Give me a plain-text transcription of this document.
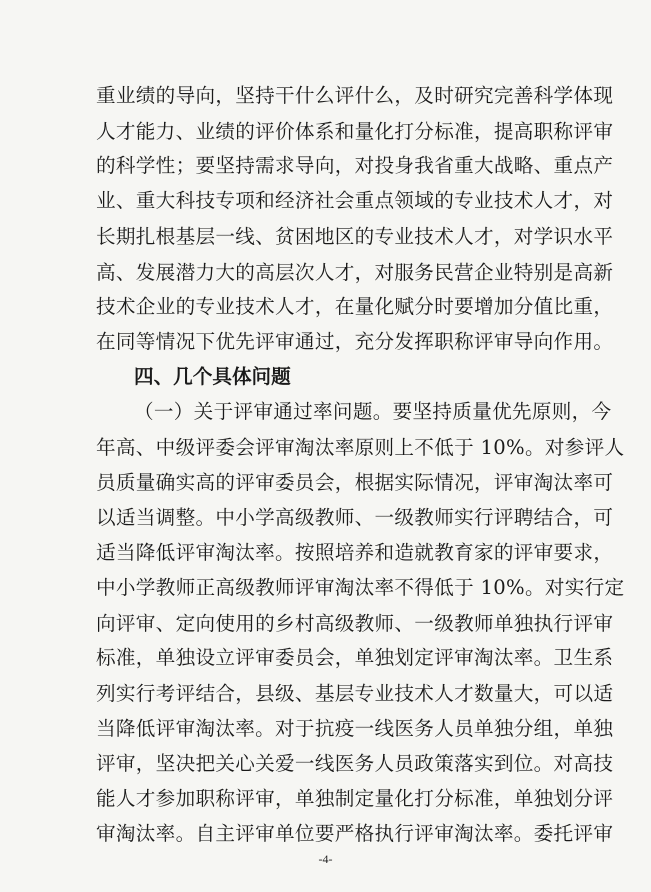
重业绩的导向，坚持干什么评什么，及时研究完善科学体现
人才能力、业绩的评价体系和量化打分标准，提高职称评审
的科学性；要坚持需求导向，对投身我省重大战略、重点产
业、重大科技专项和经济社会重点领域的专业技术人才，对
长期扎根基层一线、贫困地区的专业技术人才，对学识水平
高、发展潜力大的高层次人才，对服务民营企业特别是高新
技术企业的专业技术人才，在量化赋分时要增加分值比重，
在同等情况下优先评审通过，充分发挥职称评审导向作用。
四、几个具体问题
（一）关于评审通过率问题。要坚持质量优先原则，今
年高、中级评委会评审淘汰率原则上不低于 10%。对参评人
员质量确实高的评审委员会，根据实际情况，评审淘汰率可
以适当调整。中小学高级教师、一级教师实行评聘结合，可
适当降低评审淘汰率。按照培养和造就教育家的评审要求，
中小学教师正高级教师评审淘汰率不得低于 10%。对实行定
向评审、定向使用的乡村高级教师、一级教师单独执行评审
标准，单独设立评审委员会，单独划定评审淘汰率。卫生系
列实行考评结合，县级、基层专业技术人才数量大，可以适
当降低评审淘汰率。对于抗疫一线医务人员单独分组，单独
评审，坚决把关心关爱一线医务人员政策落实到位。对高技
能人才参加职称评审，单独制定量化打分标准，单独划分评
审淘汰率。自主评审单位要严格执行评审淘汰率。委托评审
-4-
